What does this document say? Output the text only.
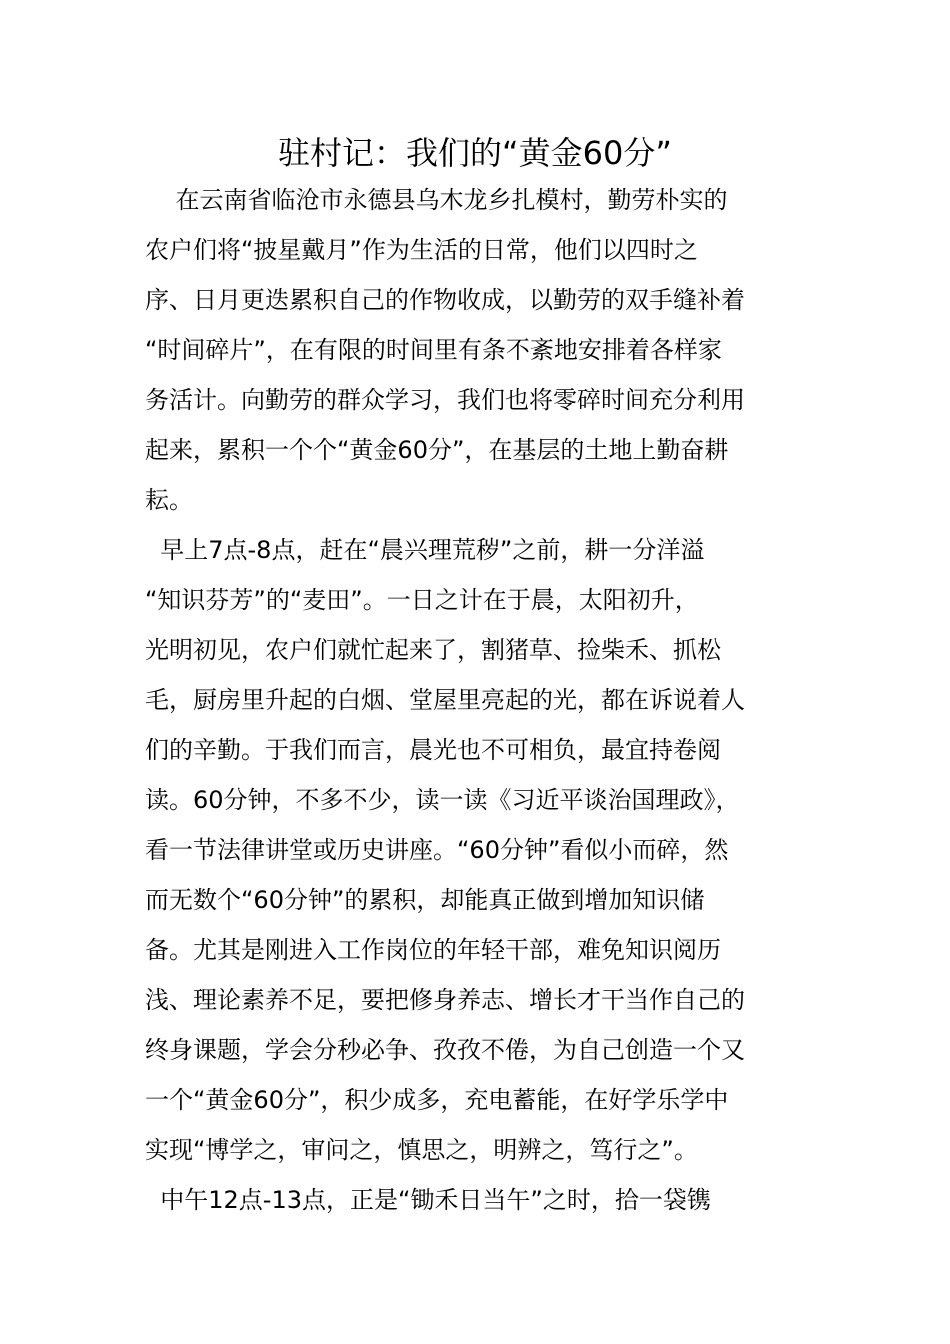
驻村记：我们的“黄金60分”
在云南省临沧市永德县乌木龙乡扎模村，勤劳朴实的
农户们将“披星戴月”作为生活的日常，他们以四时之
序、日月更迭累积自己的作物收成，以勤劳的双手缝补着
“时间碎片”，在有限的时间里有条不紊地安排着各样家
务活计。向勤劳的群众学习，我们也将零碎时间充分利用
起来，累积一个个“黄金60分”，在基层的土地上勤奋耕
耘。
早上7点-8点，赶在“晨兴理荒秽”之前，耕一分洋溢
“知识芬芳”的“麦田”。一日之计在于晨，太阳初升，
光明初见，农户们就忙起来了，割猪草、捡柴禾、抓松
毛，厨房里升起的白烟、堂屋里亮起的光，都在诉说着人
们的辛勤。于我们而言，晨光也不可相负，最宜持卷阅
读。60分钟，不多不少，读一读《习近平谈治国理政》，
看一节法律讲堂或历史讲座。“60分钟”看似小而碎，然
而无数个“60分钟”的累积，却能真正做到增加知识储
备。尤其是刚进入工作岗位的年轻干部，难免知识阅历
浅、理论素养不足，要把修身养志、增长才干当作自己的
终身课题，学会分秒必争、孜孜不倦，为自己创造一个又
一个“黄金60分”，积少成多，充电蓄能，在好学乐学中
实现“博学之，审问之，慎思之，明辨之，笃行之”。
中午12点-13点，正是“锄禾日当午”之时，拾一袋镌
